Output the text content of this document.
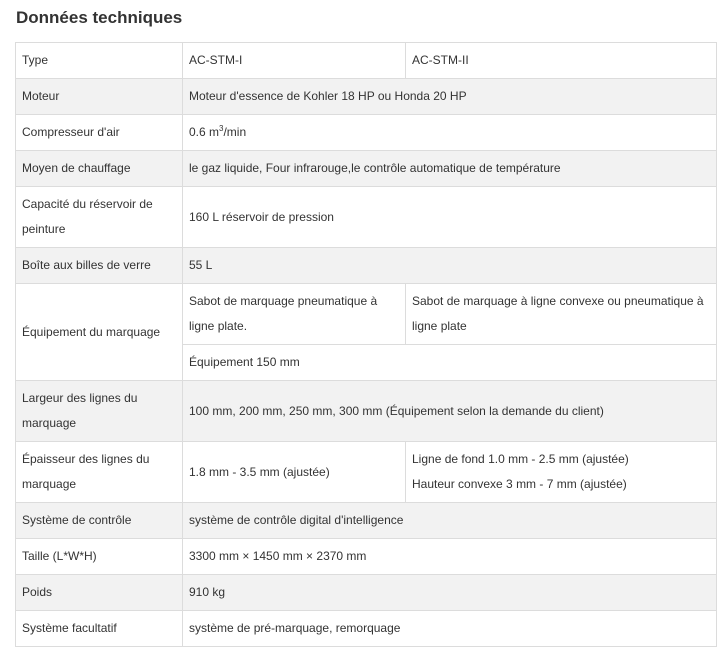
Données techniques
Type	AC-STM-I	AC-STM-II
Moteur	Moteur d'essence de Kohler 18 HP ou Honda 20 HP	
Compresseur d'air	0.6 $m^3/\min$	
Moyen de chauffage	le gaz liquide, Four infrarouge,le contrôle automatique de température	
Capacité du réservoir de peinture	160 L réservoir de pression	
Boîte aux billes de verre	55 L	
Équipement du marquage	Sabot de marquage pneumatique à ligne plate.	Sabot de marquage à ligne convexe ou pneumatique à ligne plate
	Équipement 150 mm	
Largeur des lignes du marquage	100 mm, 200 mm, 250 mm, 300 mm (Équipement selon la demande du client)	
Épaisseur des lignes du marquage	1.8 mm - 3.5 mm (ajustée)	Ligne de fond 1.0 mm - 2.5 mm (ajustée)
Hauteur convexe 3 mm - 7 mm (ajustée)

Système de contrôle	système de contrôle digital d'intelligence	
Taille (L*W*H)	3300 mm × 1450 mm × 2370 mm	
Poids	910 kg	
Système facultatif	système de pré-marquage, remorquage	
